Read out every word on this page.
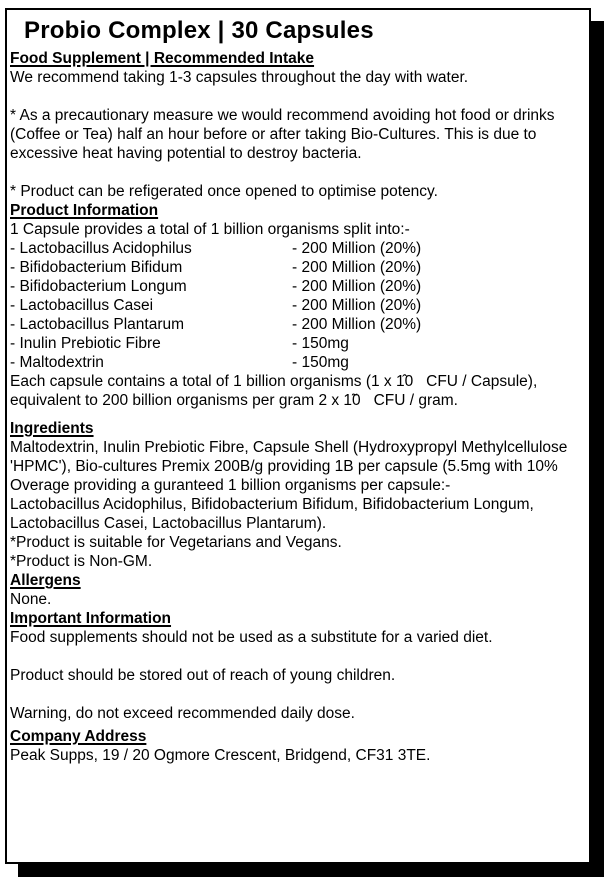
Probio Complex | 30 Capsules
Food Supplement | Recommended Intake
We recommend taking 1-3 capsules throughout the day with water.
* As a precautionary measure we would recommend avoiding hot food or drinks
(Coffee or Tea) half an hour before or after taking Bio-Cultures. This is due to
excessive heat having potential to destroy bacteria.
* Product can be refigerated once opened to optimise potency.
Product Information
1 Capsule provides a total of 1 billion organisms split into:-
- Lactobacillus Acidophilus	- 200 Million (20%)
- Bifidobacterium Bifidum	- 200 Million (20%)
- Bifidobacterium Longum	- 200 Million (20%)
- Lactobacillus Casei	- 200 Million (20%)
- Lactobacillus Plantarum	- 200 Million (20%)
- Inulin Prebiotic Fibre	- 150mg
- Maltodextrin	- 150mg
Each capsule contains a total of 1 billion organisms (1 x 1̂0   CFU / Capsule),
equivalent to 200 billion organisms per gram 2 x 1̃0   CFU / gram.
Ingredients
Maltodextrin, Inulin Prebiotic Fibre, Capsule Shell (Hydroxypropyl Methylcellulose
'HPMC'), Bio-cultures Premix 200B/g providing 1B per capsule (5.5mg with 10%
Overage providing a guranteed 1 billion organisms per capsule:-
Lactobacillus Acidophilus, Bifidobacterium Bifidum, Bifidobacterium Longum,
Lactobacillus Casei, Lactobacillus Plantarum).
*Product is suitable for Vegetarians and Vegans.
*Product is Non-GM.
Allergens
None.
Important Information
Food supplements should not be used as a substitute for a varied diet.
Product should be stored out of reach of young children.
Warning, do not exceed recommended daily dose.
Company Address
Peak Supps, 19 / 20 Ogmore Crescent, Bridgend, CF31 3TE.
